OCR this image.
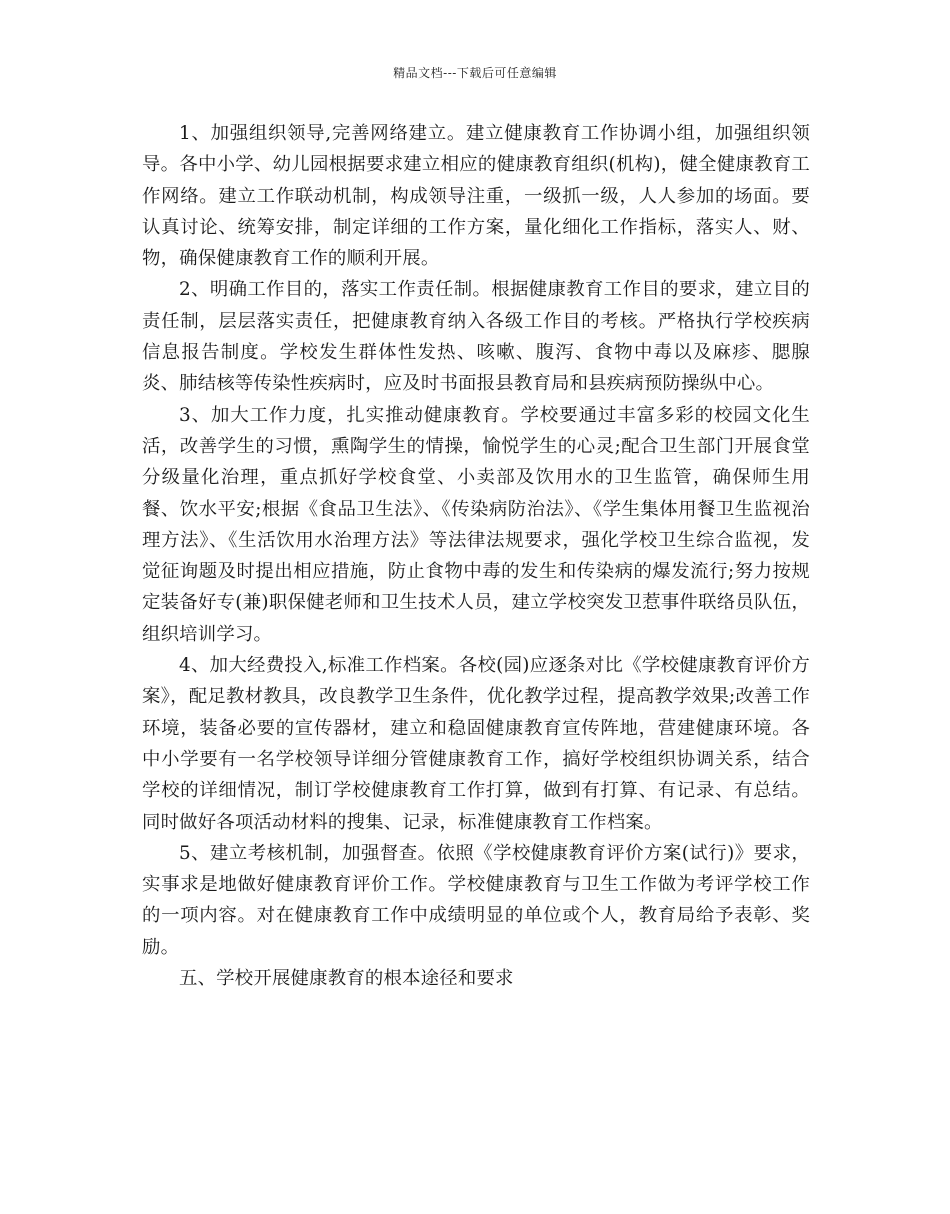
精品文档---下载后可任意编辑

1、加强组织领导,完善网络建立。建立健康教育工作协调小组，加强组织领导。各中小学、幼儿园根据要求建立相应的健康教育组织(机构)，健全健康教育工作网络。建立工作联动机制，构成领导注重，一级抓一级，人人参加的场面。要认真讨论、统筹安排，制定详细的工作方案，量化细化工作指标，落实人、财、物，确保健康教育工作的顺利开展。

2、明确工作目的，落实工作责任制。根据健康教育工作目的要求，建立目的责任制，层层落实责任，把健康教育纳入各级工作目的考核。严格执行学校疾病信息报告制度。学校发生群体性发热、咳嗽、腹泻、食物中毒以及麻疹、腮腺炎、肺结核等传染性疾病时，应及时书面报县教育局和县疾病预防操纵中心。

3、加大工作力度，扎实推动健康教育。学校要通过丰富多彩的校园文化生活，改善学生的习惯，熏陶学生的情操，愉悦学生的心灵;配合卫生部门开展食堂分级量化治理，重点抓好学校食堂、小卖部及饮用水的卫生监管，确保师生用餐、饮水平安;根据《食品卫生法》、《传染病防治法》、《学生集体用餐卫生监视治理方法》、《生活饮用水治理方法》等法律法规要求，强化学校卫生综合监视，发觉征询题及时提出相应措施，防止食物中毒的发生和传染病的爆发流行;努力按规定装备好专(兼)职保健老师和卫生技术人员，建立学校突发卫惹事件联络员队伍，组织培训学习。

4、加大经费投入,标准工作档案。各校(园)应逐条对比《学校健康教育评价方案》，配足教材教具，改良教学卫生条件，优化教学过程，提高教学效果;改善工作环境，装备必要的宣传器材，建立和稳固健康教育宣传阵地，营建健康环境。各中小学要有一名学校领导详细分管健康教育工作，搞好学校组织协调关系，结合学校的详细情况，制订学校健康教育工作打算，做到有打算、有记录、有总结。同时做好各项活动材料的搜集、记录，标准健康教育工作档案。

5、建立考核机制，加强督查。依照《学校健康教育评价方案(试行)》要求，实事求是地做好健康教育评价工作。学校健康教育与卫生工作做为考评学校工作的一项内容。对在健康教育工作中成绩明显的单位或个人，教育局给予表彰、奖励。

五、学校开展健康教育的根本途径和要求
